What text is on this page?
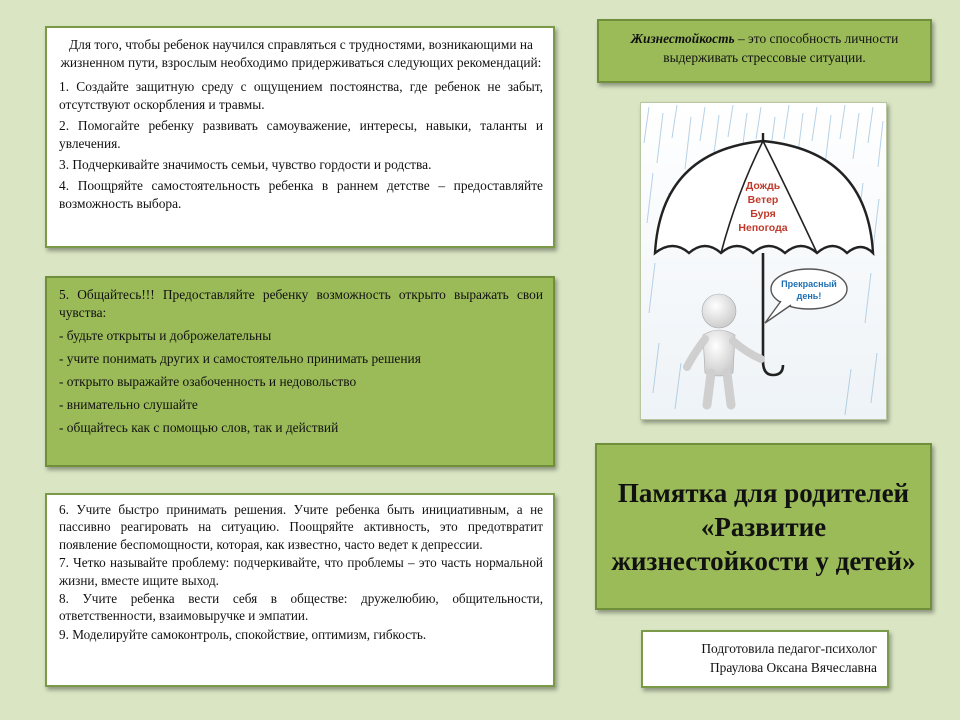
Для того, чтобы ребенок научился справляться с трудностями, возникающими на жизненном пути, взрослым необходимо придерживаться следующих рекомендаций:

1. Создайте защитную среду с ощущением постоянства, где ребенок не забыт, отсутствуют оскорбления и травмы.

2. Помогайте ребенку развивать самоуважение, интересы, навыки, таланты и увлечения.

3. Подчеркивайте значимость семьи, чувство гордости и родства.

4. Поощряйте самостоятельность ребенка в раннем детстве – предоставляйте возможность выбора.

5. Общайтесь!!! Предоставляйте ребенку возможность открыто выражать свои чувства:

- будьте открыты и доброжелательны

- учите понимать других и самостоятельно принимать решения

- открыто выражайте озабоченность и недовольство

- внимательно слушайте

- общайтесь как с помощью слов, так и действий

6. Учите быстро принимать решения. Учите ребенка быть инициативным, а не пассивно реагировать на ситуацию. Поощряйте активность, это предотвратит появление беспомощности, которая, как известно, часто ведет к депрессии.

7. Четко называйте проблему: подчеркивайте, что проблемы – это часть нормальной жизни, вместе ищите выход.

8. Учите ребенка вести себя в обществе: дружелюбию, общительности, ответственности, взаимовыручке и эмпатии.

9. Моделируйте самоконтроль, спокойствие, оптимизм, гибкость.

Жизнестойкость – это способность личности выдерживать стрессовые ситуации.
Дождь
Ветер
Буря
Непогода
Прекрасный
день!
Памятка для родителей «Развитие жизнестойкости у детей»
Подготовила педагог-психолог
Праулова Оксана Вячеславна
